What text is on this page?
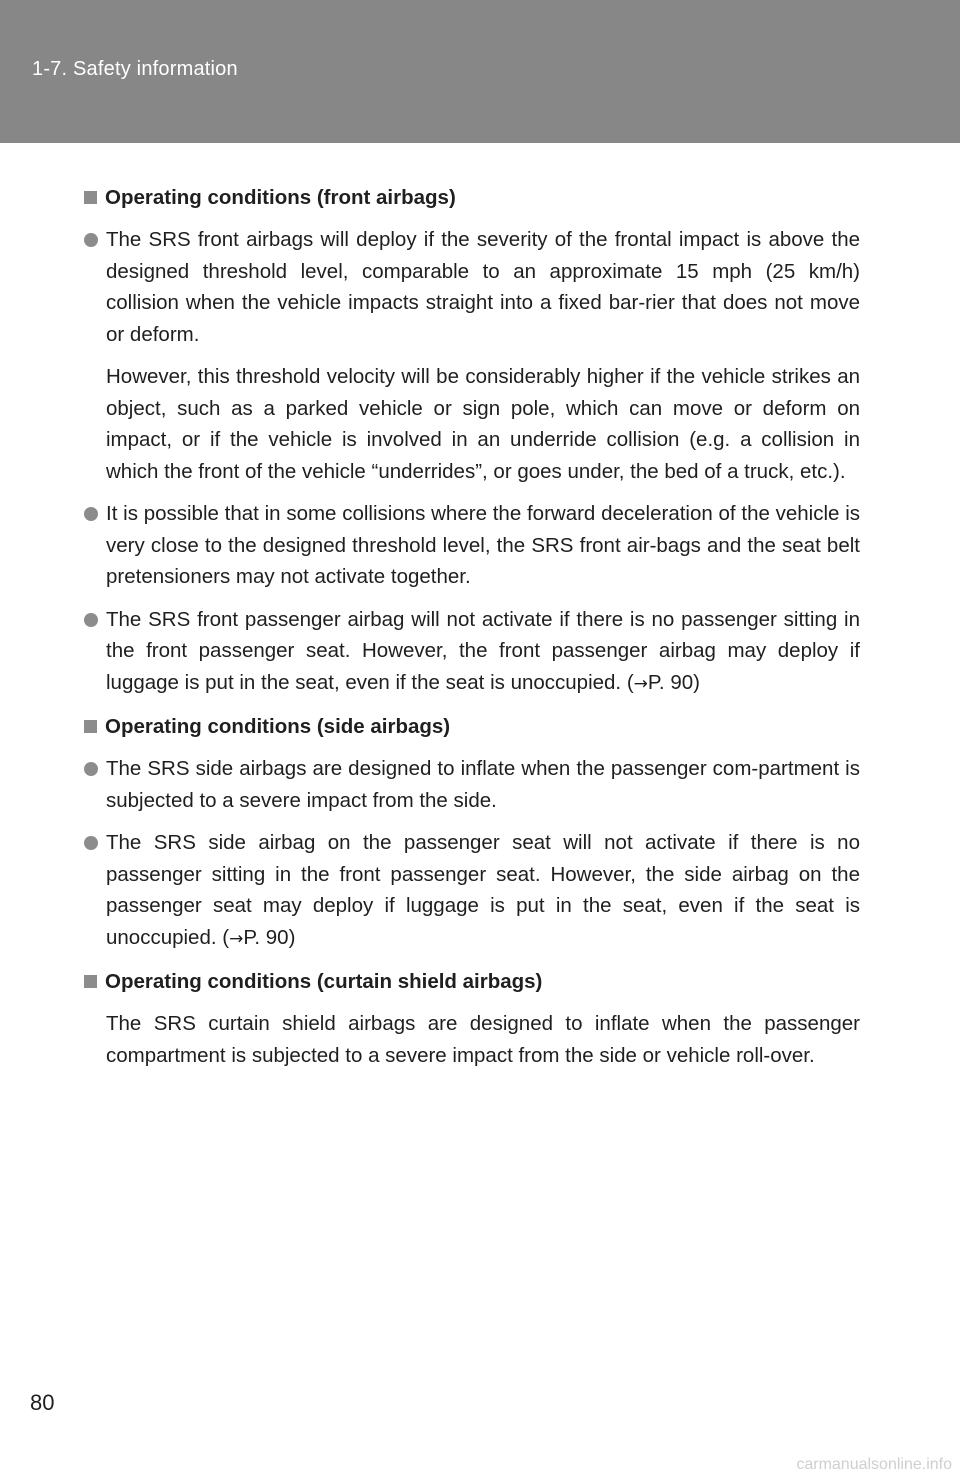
1-7. Safety information
Operating conditions (front airbags)
The SRS front airbags will deploy if the severity of the frontal impact is above the designed threshold level, comparable to an approximate 15 mph (25 km/h) collision when the vehicle impacts straight into a fixed bar-rier that does not move or deform.
However, this threshold velocity will be considerably higher if the vehicle strikes an object, such as a parked vehicle or sign pole, which can move or deform on impact, or if the vehicle is involved in an underride collision (e.g. a collision in which the front of the vehicle “underrides”, or goes under, the bed of a truck, etc.).
It is possible that in some collisions where the forward deceleration of the vehicle is very close to the designed threshold level, the SRS front air-bags and the seat belt pretensioners may not activate together.
The SRS front passenger airbag will not activate if there is no passenger sitting in the front passenger seat. However, the front passenger airbag may deploy if luggage is put in the seat, even if the seat is unoccupied. (→P. 90)
Operating conditions (side airbags)
The SRS side airbags are designed to inflate when the passenger com-partment is subjected to a severe impact from the side.
The SRS side airbag on the passenger seat will not activate if there is no passenger sitting in the front passenger seat. However, the side airbag on the passenger seat may deploy if luggage is put in the seat, even if the seat is unoccupied. (→P. 90)
Operating conditions (curtain shield airbags)
The SRS curtain shield airbags are designed to inflate when the passenger compartment is subjected to a severe impact from the side or vehicle roll-over.
80
carmanualsonline.info
